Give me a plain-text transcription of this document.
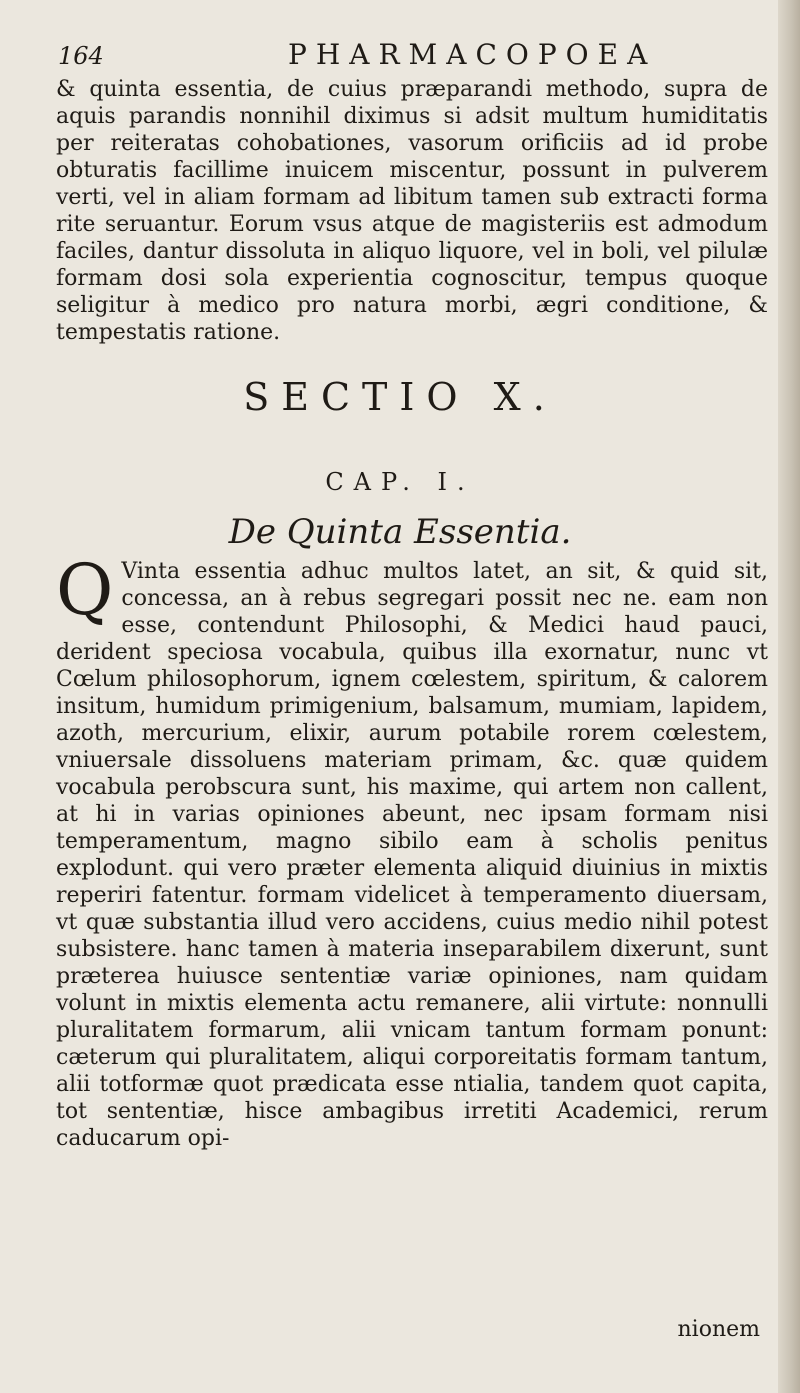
164	PHARMACOPOEA

& quinta essentia, de cuius præparandi methodo, supra de aquis parandis nonnihil diximus si adsit multum humiditatis per reiteratas cohobationes, vasorum orificiis ad id probe obturatis facillime inuicem miscentur, possunt in pulverem verti, vel in aliam formam ad libitum tamen sub extracti forma rite seruantur. Eorum vsus atque de magisteriis est admodum faciles, dantur dissoluta in aliquo liquore, vel in boli, vel pilulæ formam dosi sola experientia cognoscitur, tempus quoque seligitur à medico pro natura morbi, ægri conditione, & tempestatis ratione.

SECTIO X.
CAP. I.
De Quinta Essentia.

Q Vinta essentia adhuc multos latet, an sit, & quid sit, concessa, an à rebus segregari possit nec ne. eam non esse, contendunt Philosophi, & Medici haud pauci, derident speciosa vocabula, quibus illa exornatur, nunc vt Cœlum philosophorum, ignem cœlestem, spiritum, & calorem insitum, humidum primigenium, balsamum, mumiam, lapidem, azoth, mercurium, elixir, aurum potabile rorem cœlestem, vniuersale dissoluens materiam primam, &c. quæ quidem vocabula perobscura sunt, his maxime, qui artem non callent, at hi in varias opiniones abeunt, nec ipsam formam nisi temperamentum, magno sibilo eam à scholis penitus explodunt. qui vero præter elementa aliquid diuinius in mixtis reperiri fatentur. formam videlicet à temperamento diuersam, vt quæ substantia illud vero accidens, cuius medio nihil potest subsistere. hanc tamen à materia inseparabilem dixerunt, sunt præterea huiusce sententiæ variæ opiniones, nam quidam volunt in mixtis elementa actu remanere, alii virtute: nonnulli pluralitatem formarum, alii vnicam tantum formam ponunt: cæterum qui pluralitatem, aliqui corporeitatis formam tantum, alii totformæ quot prædicata esse ntialia, tandem quot capita, tot sententiæ, hisce ambagibus irretiti Academici, rerum caducarum opi-

nionem
